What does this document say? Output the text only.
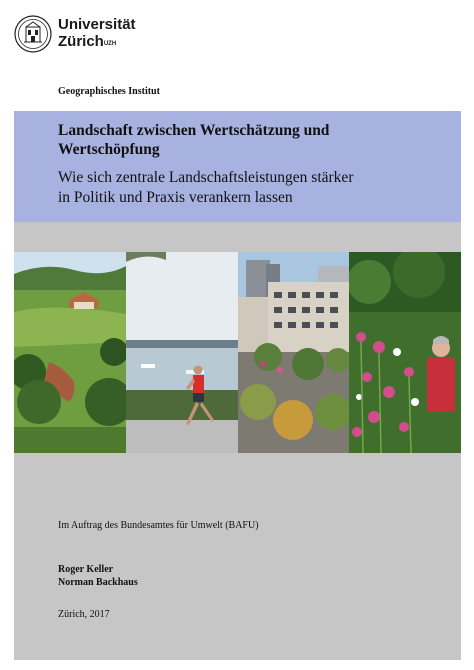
Universität
Zürich$^{UZH}$
Geographisches Institut
Landschaft zwischen Wertschätzung und
Wertschöpfung
Wie sich zentrale Landschaftsleistungen stärker
in Politik und Praxis verankern lassen
Im Auftrag des Bundesamtes für Umwelt (BAFU)
Roger Keller
Norman Backhaus
Zürich, 2017
